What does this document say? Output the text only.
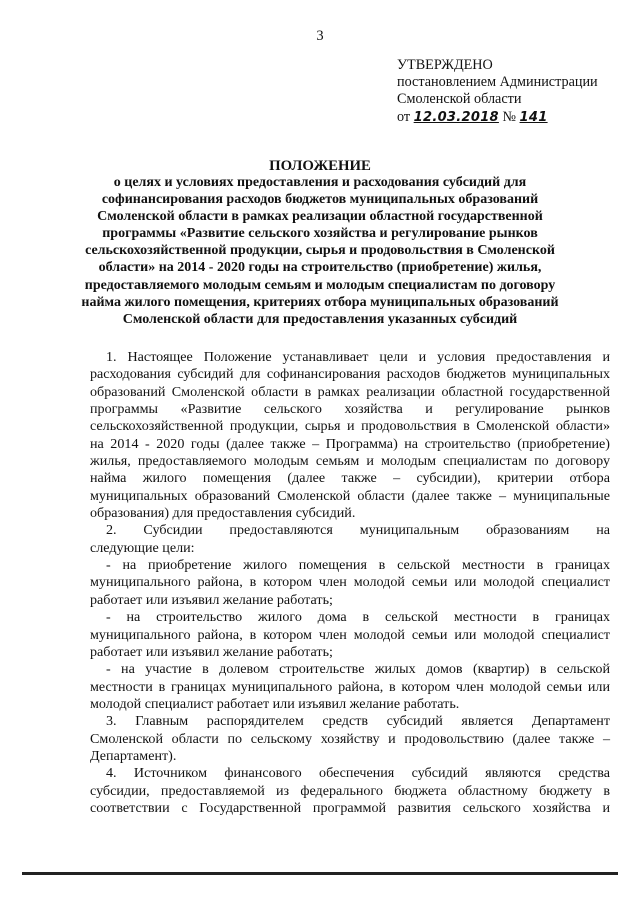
3
УТВЕРЖДЕНО
постановлением Администрации
Смоленской области
от 12.03.2018 № 141
ПОЛОЖЕНИЕ
о целях и условиях предоставления и расходования субсидий для
софинансирования расходов бюджетов муниципальных образований
Смоленской области в рамках реализации областной государственной
программы «Развитие сельского хозяйства и регулирование рынков
сельскохозяйственной продукции, сырья и продовольствия в Смоленской
области» на 2014 - 2020 годы на строительство (приобретение) жилья,
предоставляемого молодым семьям и молодым специалистам по договору
найма жилого помещения, критериях отбора муниципальных образований
Смоленской области для предоставления указанных субсидий
1. Настоящее Положение устанавливает цели и условия предоставления и
расходования субсидий для софинансирования расходов бюджетов муниципальных
образований Смоленской области в рамках реализации областной государственной
программы «Развитие сельского хозяйства и регулирование рынков
сельскохозяйственной продукции, сырья и продовольствия в Смоленской области»
на 2014 - 2020 годы (далее также – Программа) на строительство (приобретение)
жилья, предоставляемого молодым семьям и молодым специалистам по договору
найма жилого помещения (далее также – субсидии), критерии отбора
муниципальных образований Смоленской области (далее также – муниципальные
образования) для предоставления субсидий.
2. Субсидии предоставляются муниципальным образованиям на
следующие цели:
- на приобретение жилого помещения в сельской местности в границах
муниципального района, в котором член молодой семьи или молодой специалист
работает или изъявил желание работать;
- на строительство жилого дома в сельской местности в границах
муниципального района, в котором член молодой семьи или молодой специалист
работает или изъявил желание работать;
- на участие в долевом строительстве жилых домов (квартир) в сельской
местности в границах муниципального района, в котором член молодой семьи или
молодой специалист работает или изъявил желание работать.
3. Главным распорядителем средств субсидий является Департамент
Смоленской области по сельскому хозяйству и продовольствию (далее также –
Департамент).
4. Источником финансового обеспечения субсидий являются средства
субсидии, предоставляемой из федерального бюджета областному бюджету в
соответствии с Государственной программой развития сельского хозяйства и
